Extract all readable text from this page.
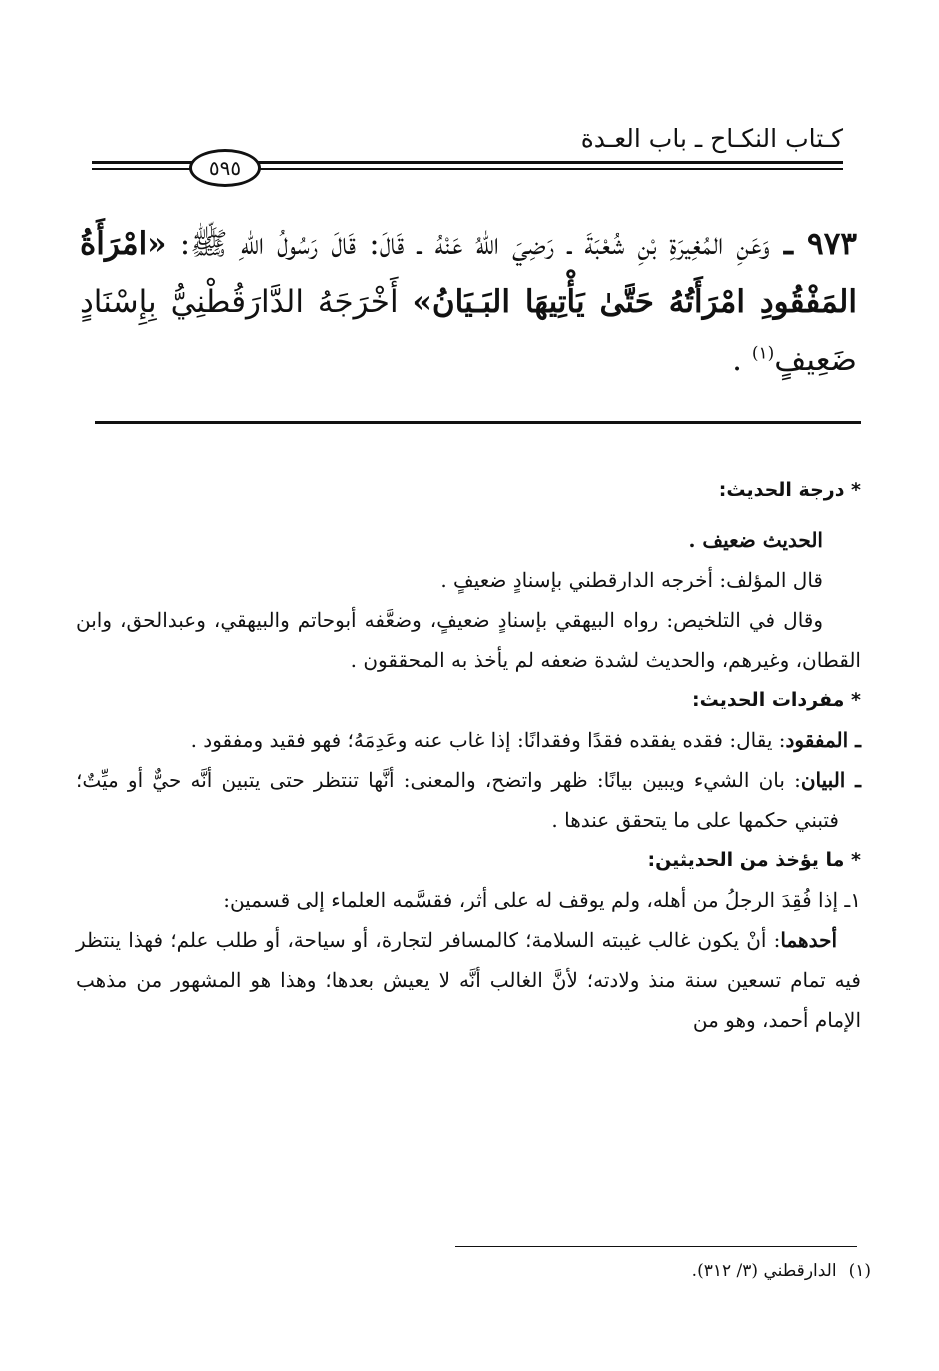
كـتاب النكـاح ـ باب العـدة
٥٩٥
٩٧٣ ـ وَعَنِ المُغِيرَةِ بْنِ شُعْبَةَ ـ رَضِيَ اللهُ عَنْهُ ـ قَالَ: قَالَ رَسُولُ اللهِ ﷺ: «امْرَأَةُ المَفْقُودِ امْرَأَتُهُ حَتَّىٰ يَأْتِيهَا البَـيَانُ» أَخْرَجَهُ الدَّارَقُطْنِيُّ بِإِسْنَادٍ ضَعِيفٍ$^{(١)}$ .

* درجة الحديث:

الحديث ضعيف .

قال المؤلف: أخرجه الدارقطني بإسنادٍ ضعيفٍ .

وقال في التلخيص: رواه البيهقي بإسنادٍ ضعيفٍ، وضعَّفه أبوحاتم والبيهقي، وعبدالحق، وابن القطان، وغيرهم، والحديث لشدة ضعفه لم يأخذ به المحققون .

* مفردات الحديث:

ـ المفقود: يقال: فقده يفقده فقدًا وفقدانًا: إذا غاب عنه وعَدِمَهُ؛ فهو فقيد ومفقود .

ـ البيان: بان الشيء ويبين بيانًا: ظهر واتضح، والمعنى: أنَّها تنتظر حتى يتبين أنَّه حيٌّ أو ميِّتٌ؛ فتبني حكمها على ما يتحقق عندها .

* ما يؤخذ من الحديثين:

١ـ إذا فُقِدَ الرجلُ من أهله، ولم يوقف له على أثر، فقسَّمه العلماء إلى قسمين:

أحدهما: أنْ يكون غالب غيبته السلامة؛ كالمسافر لتجارة، أو سياحة، أو طلب علم؛ فهذا ينتظر فيه تمام تسعين سنة منذ ولادته؛ لأنَّ الغالب أنَّه لا يعيش بعدها؛ وهذا هو المشهور من مذهب الإمام أحمد، وهو من

(١)الدارقطني (٣/ ٣١٢).
